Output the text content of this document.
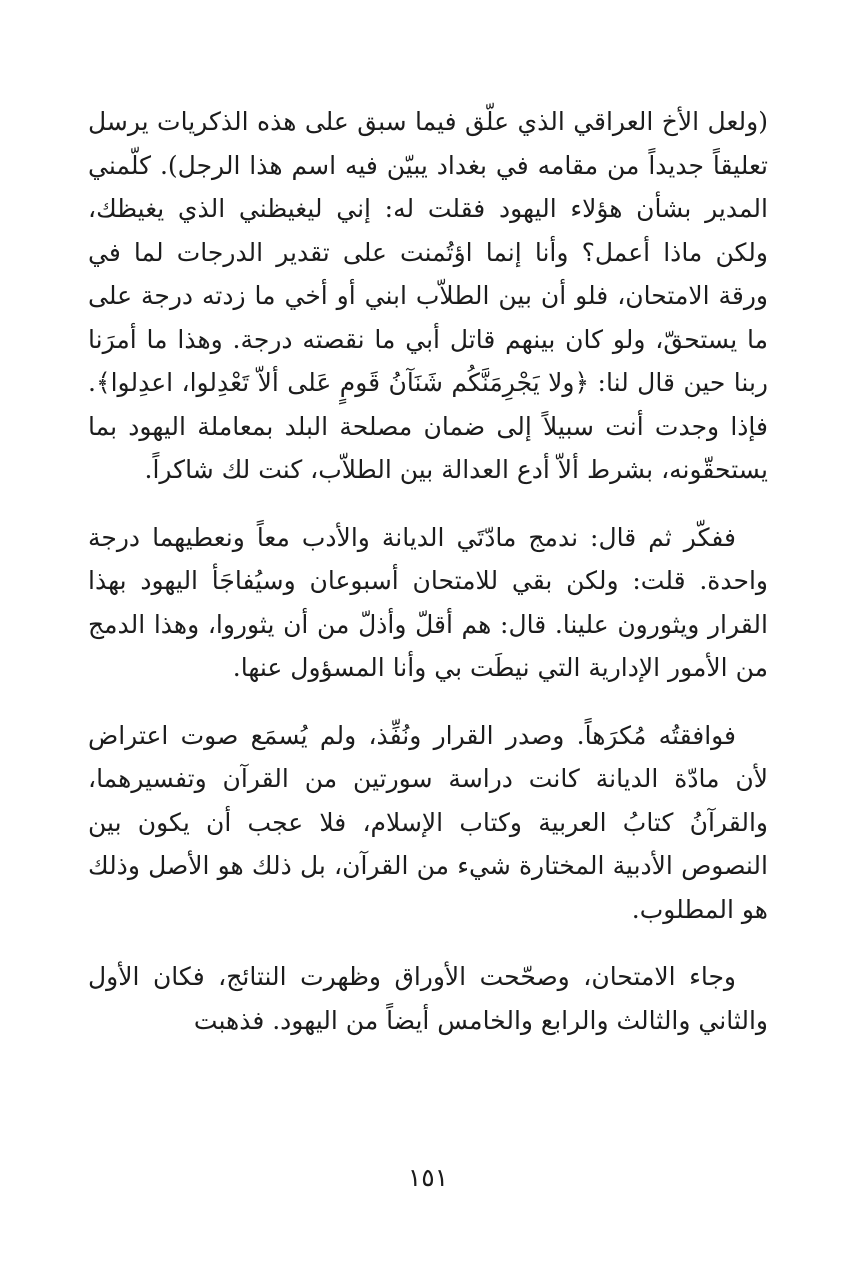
(ولعل الأخ العراقي الذي علّق فيما سبق على هذه الذكريات يرسل تعليقاً جديداً من مقامه في بغداد يبيّن فيه اسم هذا الرجل). كلّمني المدير بشأن هؤلاء اليهود فقلت له: إني ليغيظني الذي يغيظك، ولكن ماذا أعمل؟ وأنا إنما اؤتُمنت على تقدير الدرجات لما في ورقة الامتحان، فلو أن بين الطلاّب ابني أو أخي ما زدته درجة على ما يستحقّ، ولو كان بينهم قاتل أبي ما نقصته درجة. وهذا ما أمرَنا ربنا حين قال لنا: ﴿ولا يَجْرِمَنَّكُم شَنَآنُ قَومٍ عَلى ألاّ تَعْدِلوا، اعدِلوا﴾. فإذا وجدت أنت سبيلاً إلى ضمان مصلحة البلد بمعاملة اليهود بما يستحقّونه، بشرط ألاّ أدع العدالة بين الطلاّب، كنت لك شاكراً.

ففكّر ثم قال: ندمج مادّتَي الديانة والأدب معاً ونعطيهما درجة واحدة. قلت: ولكن بقي للامتحان أسبوعان وسيُفاجَأ اليهود بهذا القرار ويثورون علينا. قال: هم أقلّ وأذلّ من أن يثوروا، وهذا الدمج من الأمور الإدارية التي نيطَت بي وأنا المسؤول عنها.

فوافقتُه مُكرَهاً. وصدر القرار ونُفِّذ، ولم يُسمَع صوت اعتراض لأن مادّة الديانة كانت دراسة سورتين من القرآن وتفسيرهما، والقرآنُ كتابُ العربية وكتاب الإسلام، فلا عجب أن يكون بين النصوص الأدبية المختارة شيء من القرآن، بل ذلك هو الأصل وذلك هو المطلوب.

وجاء الامتحان، وصحّحت الأوراق وظهرت النتائج، فكان الأول والثاني والثالث والرابع والخامس أيضاً من اليهود. فذهبت

١٥١
